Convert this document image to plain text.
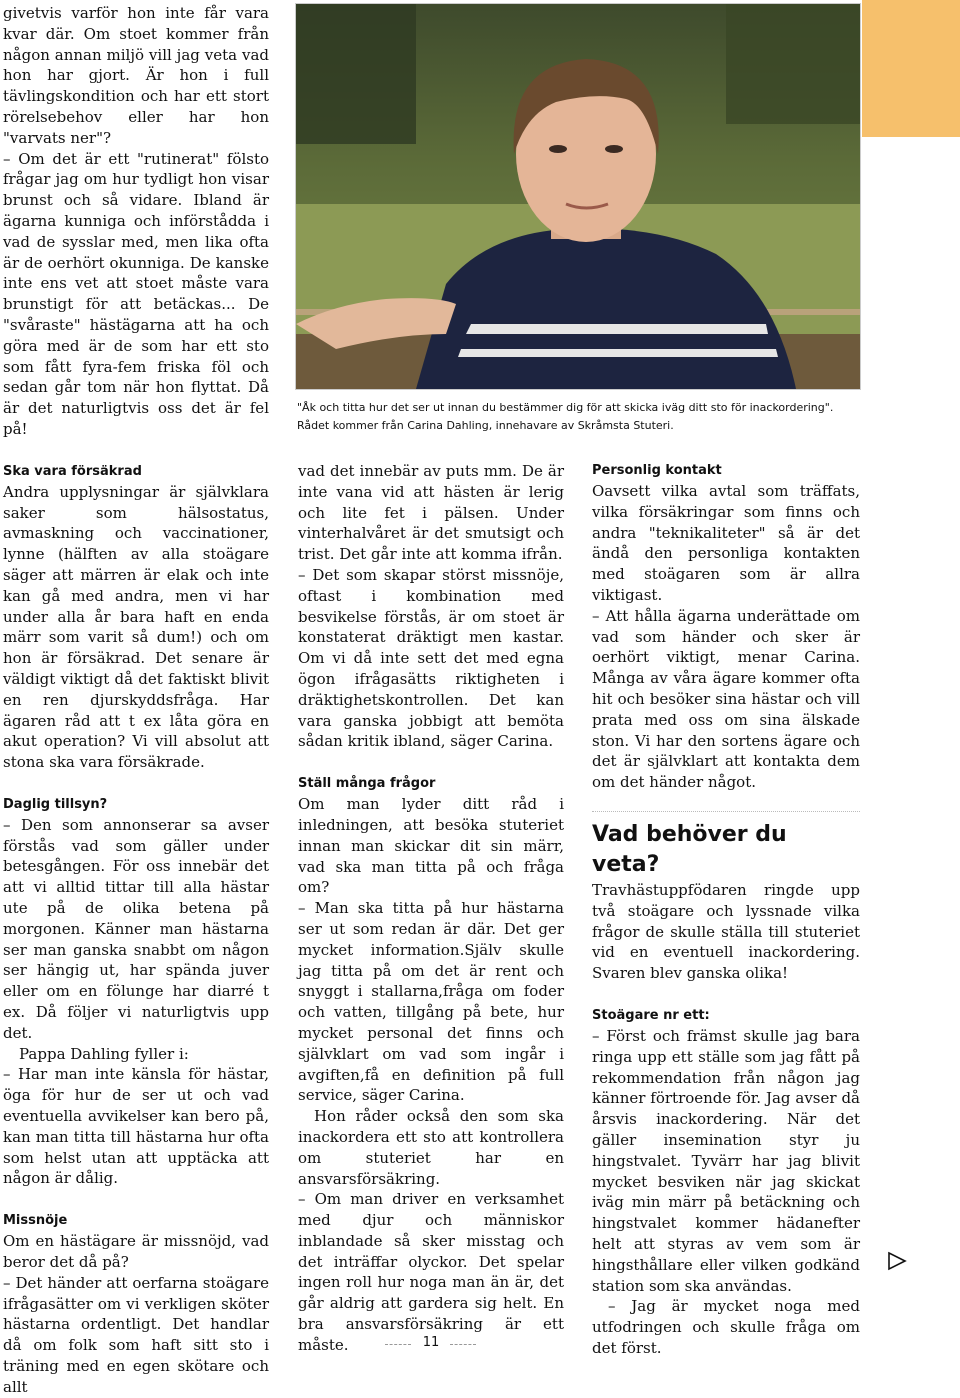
givetvis varför hon inte får vara kvar där. Om stoet kommer från någon annan miljö vill jag veta vad hon har gjort. Är hon i full tävlingskondition och har ett stort rörelsebehov eller har hon "varvats ner"?

– Om det är ett "rutinerat" fölsto frågar jag om hur tydligt hon visar brunst och så vidare. Ibland är ägarna kunniga och införstådda i vad de sysslar med, men lika ofta är de oerhört okunniga. De kanske inte ens vet att stoet måste vara brunstigt för att betäckas... De "svåraste" hästägarna att ha och göra med är de som har ett sto som fått fyra-fem friska föl och sedan går tom när hon flyttat. Då är det naturligtvis oss det är fel på!

Ska vara försäkrad

Andra upplysningar är självklara saker som hälsostatus, avmaskning och vaccinationer, lynne (hälften av alla stoägare säger att märren är elak och inte kan gå med andra, men vi har under alla år bara haft en enda märr som varit så dum!) och om hon är försäkrad. Det senare är väldigt viktigt då det faktiskt blivit en ren djurskyddsfråga. Har ägaren råd att t ex låta göra en akut operation? Vi vill absolut att stona ska vara försäkrade.

Daglig tillsyn?

– Den som annonserar sa avser förstås vad som gäller under betesgången. För oss innebär det att vi alltid tittar till alla hästar ute på de olika betena på morgonen. Känner man hästarna ser man ganska snabbt om någon ser hängig ut, har spända juver eller om en fölunge har diarré t ex. Då följer vi naturligtvis upp det.

Pappa Dahling fyller i:

– Har man inte känsla för hästar, öga för hur de ser ut och vad eventuella avvikelser kan bero på, kan man titta till hästarna hur ofta som helst utan att upptäcka att någon är dålig.

Missnöje

Om en hästägare är missnöjd, vad beror det då på?

– Det händer att oerfarna stoägare ifrågasätter om vi verkligen sköter hästarna ordentligt. Det handlar då om folk som haft sitt sto i träning med en egen skötare och allt

"Åk och titta hur det ser ut innan du bestämmer dig för att skicka iväg ditt sto för inackordering".
Rådet kommer från Carina Dahling, innehavare av Skråmsta Stuteri.

vad det innebär av puts mm. De är inte vana vid att hästen är lerig och lite fet i pälsen. Under vinterhalvåret är det smutsigt och trist. Det går inte att komma ifrån.

– Det som skapar störst missnöje, oftast i kombination med besvikelse förstås, är om stoet är konstaterat dräktigt men kastar. Om vi då inte sett det med egna ögon ifrågasätts riktigheten i dräktighetskontrollen. Det kan vara ganska jobbigt att bemöta sådan kritik ibland, säger Carina.

Ställ många frågor

Om man lyder ditt råd i inledningen, att besöka stuteriet innan man skickar dit sin märr, vad ska man titta på och fråga om?

– Man ska titta på hur hästarna ser ut som redan är där. Det ger mycket information.Själv skulle jag titta på om det är rent och snyggt i stallarna,fråga om foder och vatten, tillgång på bete, hur mycket personal det finns och självklart om vad som ingår i avgiften,få en definition på full service, säger Carina.

Hon råder också den som ska inackordera ett sto att kontrollera om stuteriet har en ansvarsförsäkring.

– Om man driver en verksamhet med djur och människor inblandade så sker misstag och det inträffar olyckor. Det spelar ingen roll hur noga man än är, det går aldrig att gardera sig helt. En bra ansvarsförsäkring är ett måste.

Personlig kontakt

Oavsett vilka avtal som träffats, vilka försäkringar som finns och andra "teknikaliteter" så är det ändå den personliga kontakten med stoägaren som är allra viktigast.

– Att hålla ägarna underättade om vad som händer och sker är oerhört viktigt, menar Carina. Många av våra ägare kommer ofta hit och besöker sina hästar och vill prata med oss om sina älskade ston. Vi har den sortens ägare och det är självklart att kontakta dem om det händer något.

Vad behöver du veta?

Travhästuppfödaren ringde upp två stoägare och lyssnade vilka frågor de skulle ställa till stuteriet vid en eventuell inackordering. Svaren blev ganska olika!

Stoägare nr ett:

– Först och främst skulle jag bara ringa upp ett ställe som jag fått på rekommendation från någon jag känner förtroende för. Jag avser då årsvis inackordering. När det gäller insemination styr ju hingstvalet. Tyvärr har jag blivit mycket besviken när jag skickat iväg min märr på betäckning och hingstvalet kommer hädanefter helt att styras av vem som är hingsthållare eller vilken godkänd station som ska användas.

– Jag är mycket noga med utfodringen och skulle fråga om det först.

11
